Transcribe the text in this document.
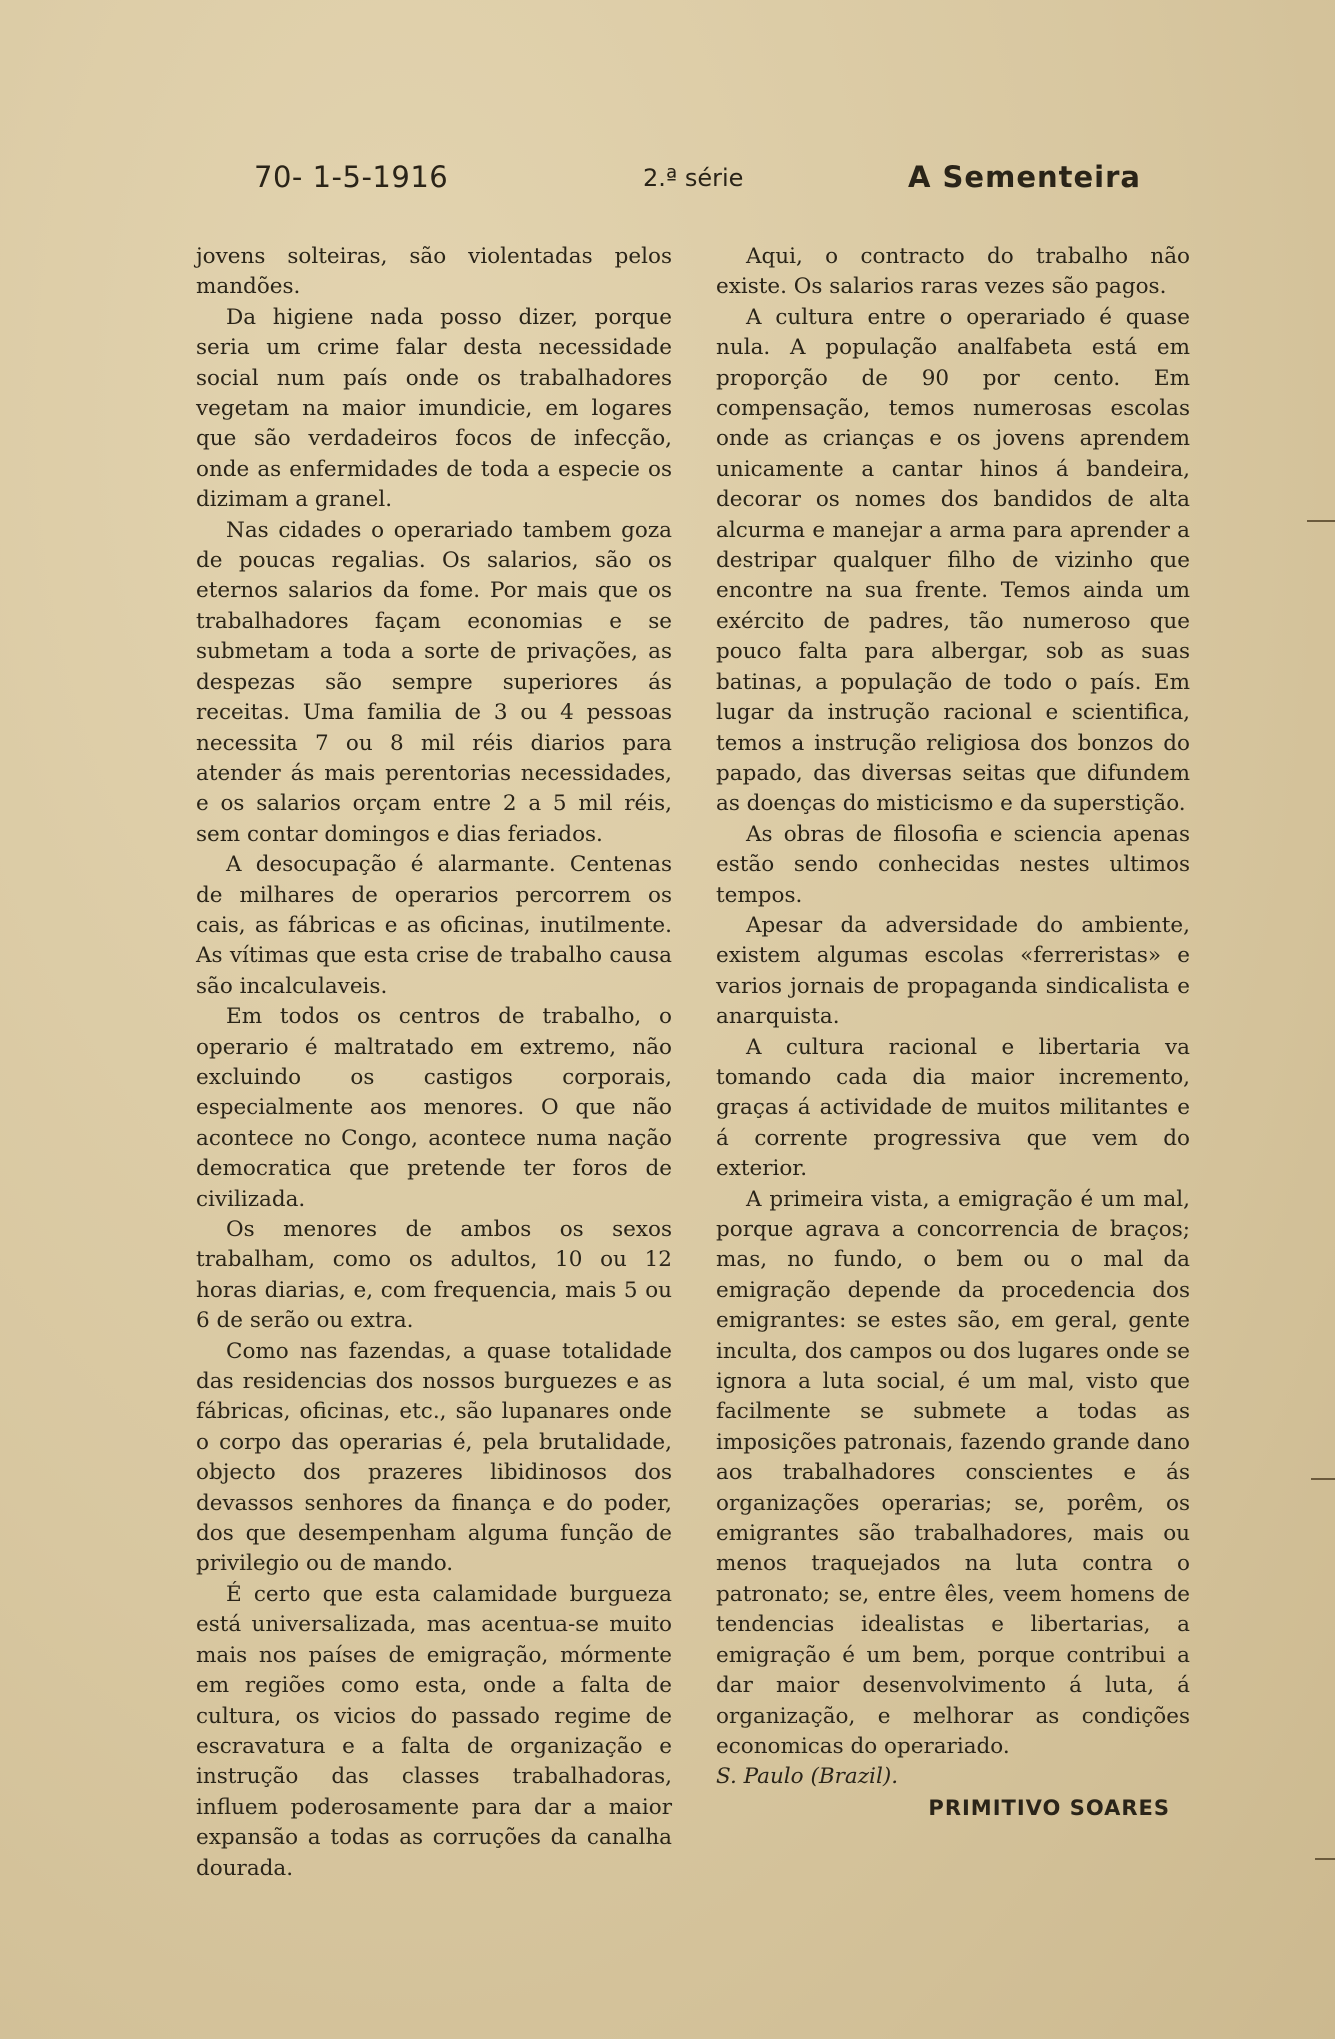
70- 1-5-1916	2.ª série	A Sementeira

jovens solteiras, são violentadas pelos mandões.

Da higiene nada posso dizer, porque seria um crime falar desta necessidade social num país onde os trabalhadores vegetam na maior imundicie, em logares que são verdadeiros focos de infecção, onde as enfermidades de toda a especie os dizimam a granel.

Nas cidades o operariado tambem goza de poucas regalias. Os salarios, são os eternos salarios da fome. Por mais que os trabalhadores façam economias e se submetam a toda a sorte de privações, as despezas são sempre superiores ás receitas. Uma familia de 3 ou 4 pessoas necessita 7 ou 8 mil réis diarios para atender ás mais perentorias necessidades, e os salarios orçam entre 2 a 5 mil réis, sem contar domingos e dias feriados.

A desocupação é alarmante. Centenas de milhares de operarios percorrem os cais, as fábricas e as oficinas, inutilmente. As vítimas que esta crise de trabalho causa são incalculaveis.

Em todos os centros de trabalho, o operario é maltratado em extremo, não excluindo os castigos corporais, especialmente aos menores. O que não acontece no Congo, acontece numa nação democratica que pretende ter foros de civilizada.

Os menores de ambos os sexos trabalham, como os adultos, 10 ou 12 horas diarias, e, com frequencia, mais 5 ou 6 de serão ou extra.

Como nas fazendas, a quase totalidade das residencias dos nossos burguezes e as fábricas, oficinas, etc., são lupanares onde o corpo das operarias é, pela brutalidade, objecto dos prazeres libidinosos dos devassos senhores da finança e do poder, dos que desempenham alguma função de privilegio ou de mando.

É certo que esta calamidade burgueza está universalizada, mas acentua-se muito mais nos países de emigração, mórmente em regiões como esta, onde a falta de cultura, os vicios do passado regime de escravatura e a falta de organização e instrução das classes trabalhadoras, influem poderosamente para dar a maior expansão a todas as corruções da canalha dourada.

Aqui, o contracto do trabalho não existe. Os salarios raras vezes são pagos.

A cultura entre o operariado é quase nula. A população analfabeta está em proporção de 90 por cento. Em compensação, temos numerosas escolas onde as crianças e os jovens aprendem unicamente a cantar hinos á bandeira, decorar os nomes dos bandidos de alta alcurma e manejar a arma para aprender a destripar qualquer filho de vizinho que encontre na sua frente. Temos ainda um exército de padres, tão numeroso que pouco falta para albergar, sob as suas batinas, a população de todo o país. Em lugar da instrução racional e scientifica, temos a instrução religiosa dos bonzos do papado, das diversas seitas que difundem as doenças do misticismo e da superstição.

As obras de filosofia e sciencia apenas estão sendo conhecidas nestes ultimos tempos.

Apesar da adversidade do ambiente, existem algumas escolas «ferreristas» e varios jornais de propaganda sindicalista e anarquista.

A cultura racional e libertaria va tomando cada dia maior incremento, graças á actividade de muitos militantes e á corrente progressiva que vem do exterior.

A primeira vista, a emigração é um mal, porque agrava a concorrencia de braços; mas, no fundo, o bem ou o mal da emigração depende da procedencia dos emigrantes: se estes são, em geral, gente inculta, dos campos ou dos lugares onde se ignora a luta social, é um mal, visto que facilmente se submete a todas as imposições patronais, fazendo grande dano aos trabalhadores conscientes e ás organizações operarias; se, porêm, os emigrantes são trabalhadores, mais ou menos traquejados na luta contra o patronato; se, entre êles, veem homens de tendencias idealistas e libertarias, a emigração é um bem, porque contribui a dar maior desenvolvimento á luta, á organização, e melhorar as condições economicas do operariado.

S. Paulo (Brazil).

PRIMITIVO SOARES
